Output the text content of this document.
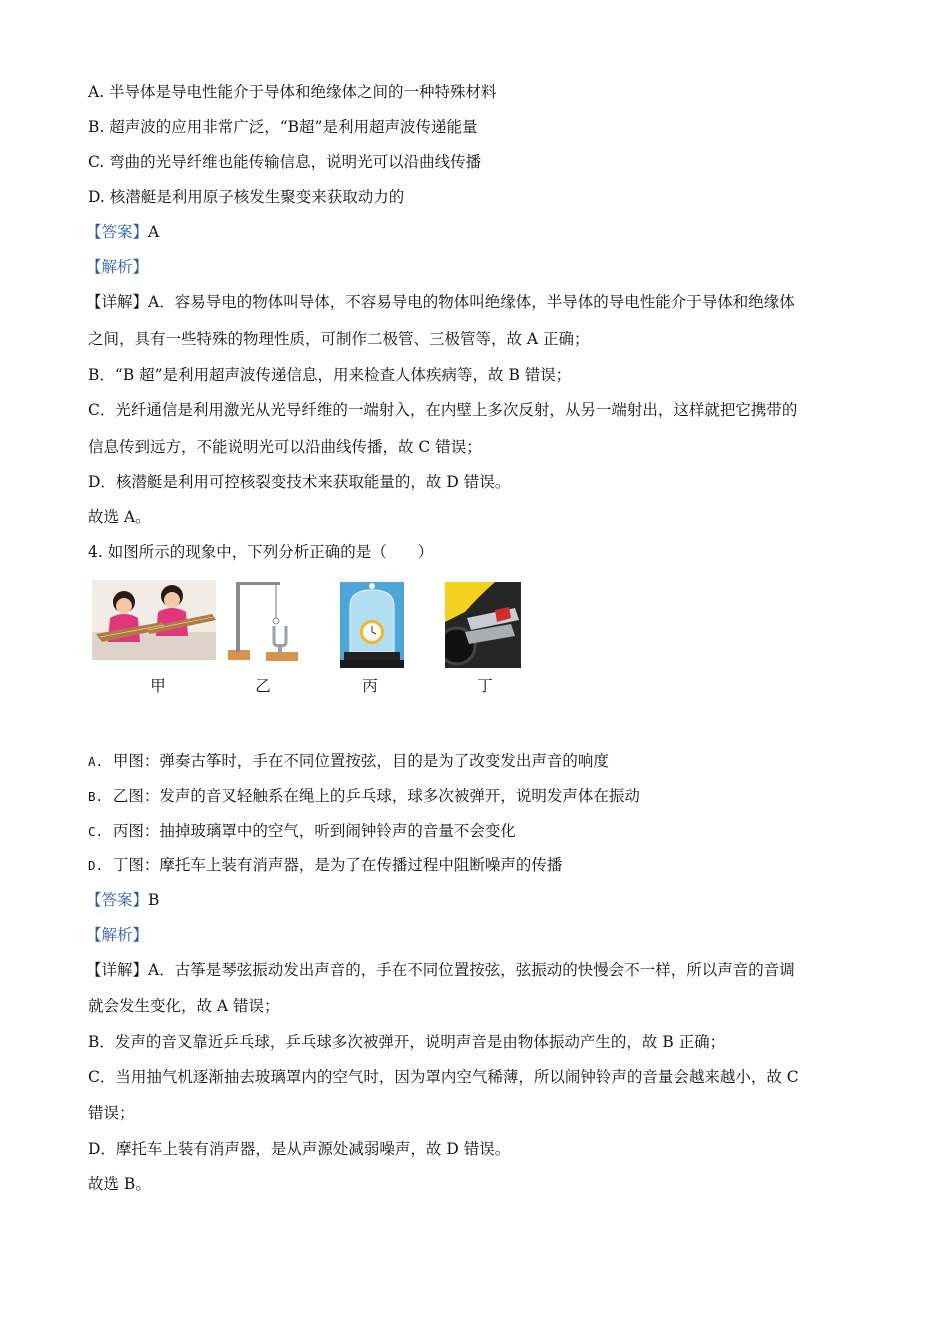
A. 半导体是导电性能介于导体和绝缘体之间的一种特殊材料
B. 超声波的应用非常广泛，“B超”是利用超声波传递能量
C. 弯曲的光导纤维也能传输信息，说明光可以沿曲线传播
D. 核潜艇是利用原子核发生聚变来获取动力的
【答案】A
【解析】
【详解】A．容易导电的物体叫导体，不容易导电的物体叫绝缘体，半导体的导电性能介于导体和绝缘体
之间，具有一些特殊的物理性质，可制作二极管、三极管等，故 A 正确；
B．“B 超”是利用超声波传递信息，用来检查人体疾病等，故 B 错误；
C．光纤通信是利用激光从光导纤维的一端射入，在内壁上多次反射，从另一端射出，这样就把它携带的
信息传到远方，不能说明光可以沿曲线传播，故 C 错误；
D．核潜艇是利用可控核裂变技术来获取能量的，故 D 错误。
故选 A。
4. 如图所示的现象中，下列分析正确的是（　　）
甲	乙	丙	丁
A. 甲图：弹奏古筝时，手在不同位置按弦，目的是为了改变发出声音的响度
B. 乙图：发声的音叉轻触系在绳上的乒乓球，球多次被弹开，说明发声体在振动
C. 丙图：抽掉玻璃罩中的空气，听到闹钟铃声的音量不会变化
D. 丁图：摩托车上装有消声器，是为了在传播过程中阻断噪声的传播
【答案】B
【解析】
【详解】A．古筝是琴弦振动发出声音的，手在不同位置按弦，弦振动的快慢会不一样，所以声音的音调
就会发生变化，故 A 错误；
B．发声的音叉靠近乒乓球，乒乓球多次被弹开，说明声音是由物体振动产生的，故 B 正确；
C．当用抽气机逐渐抽去玻璃罩内的空气时，因为罩内空气稀薄，所以闹钟铃声的音量会越来越小，故 C
错误；
D．摩托车上装有消声器，是从声源处减弱噪声，故 D 错误。
故选 B。
